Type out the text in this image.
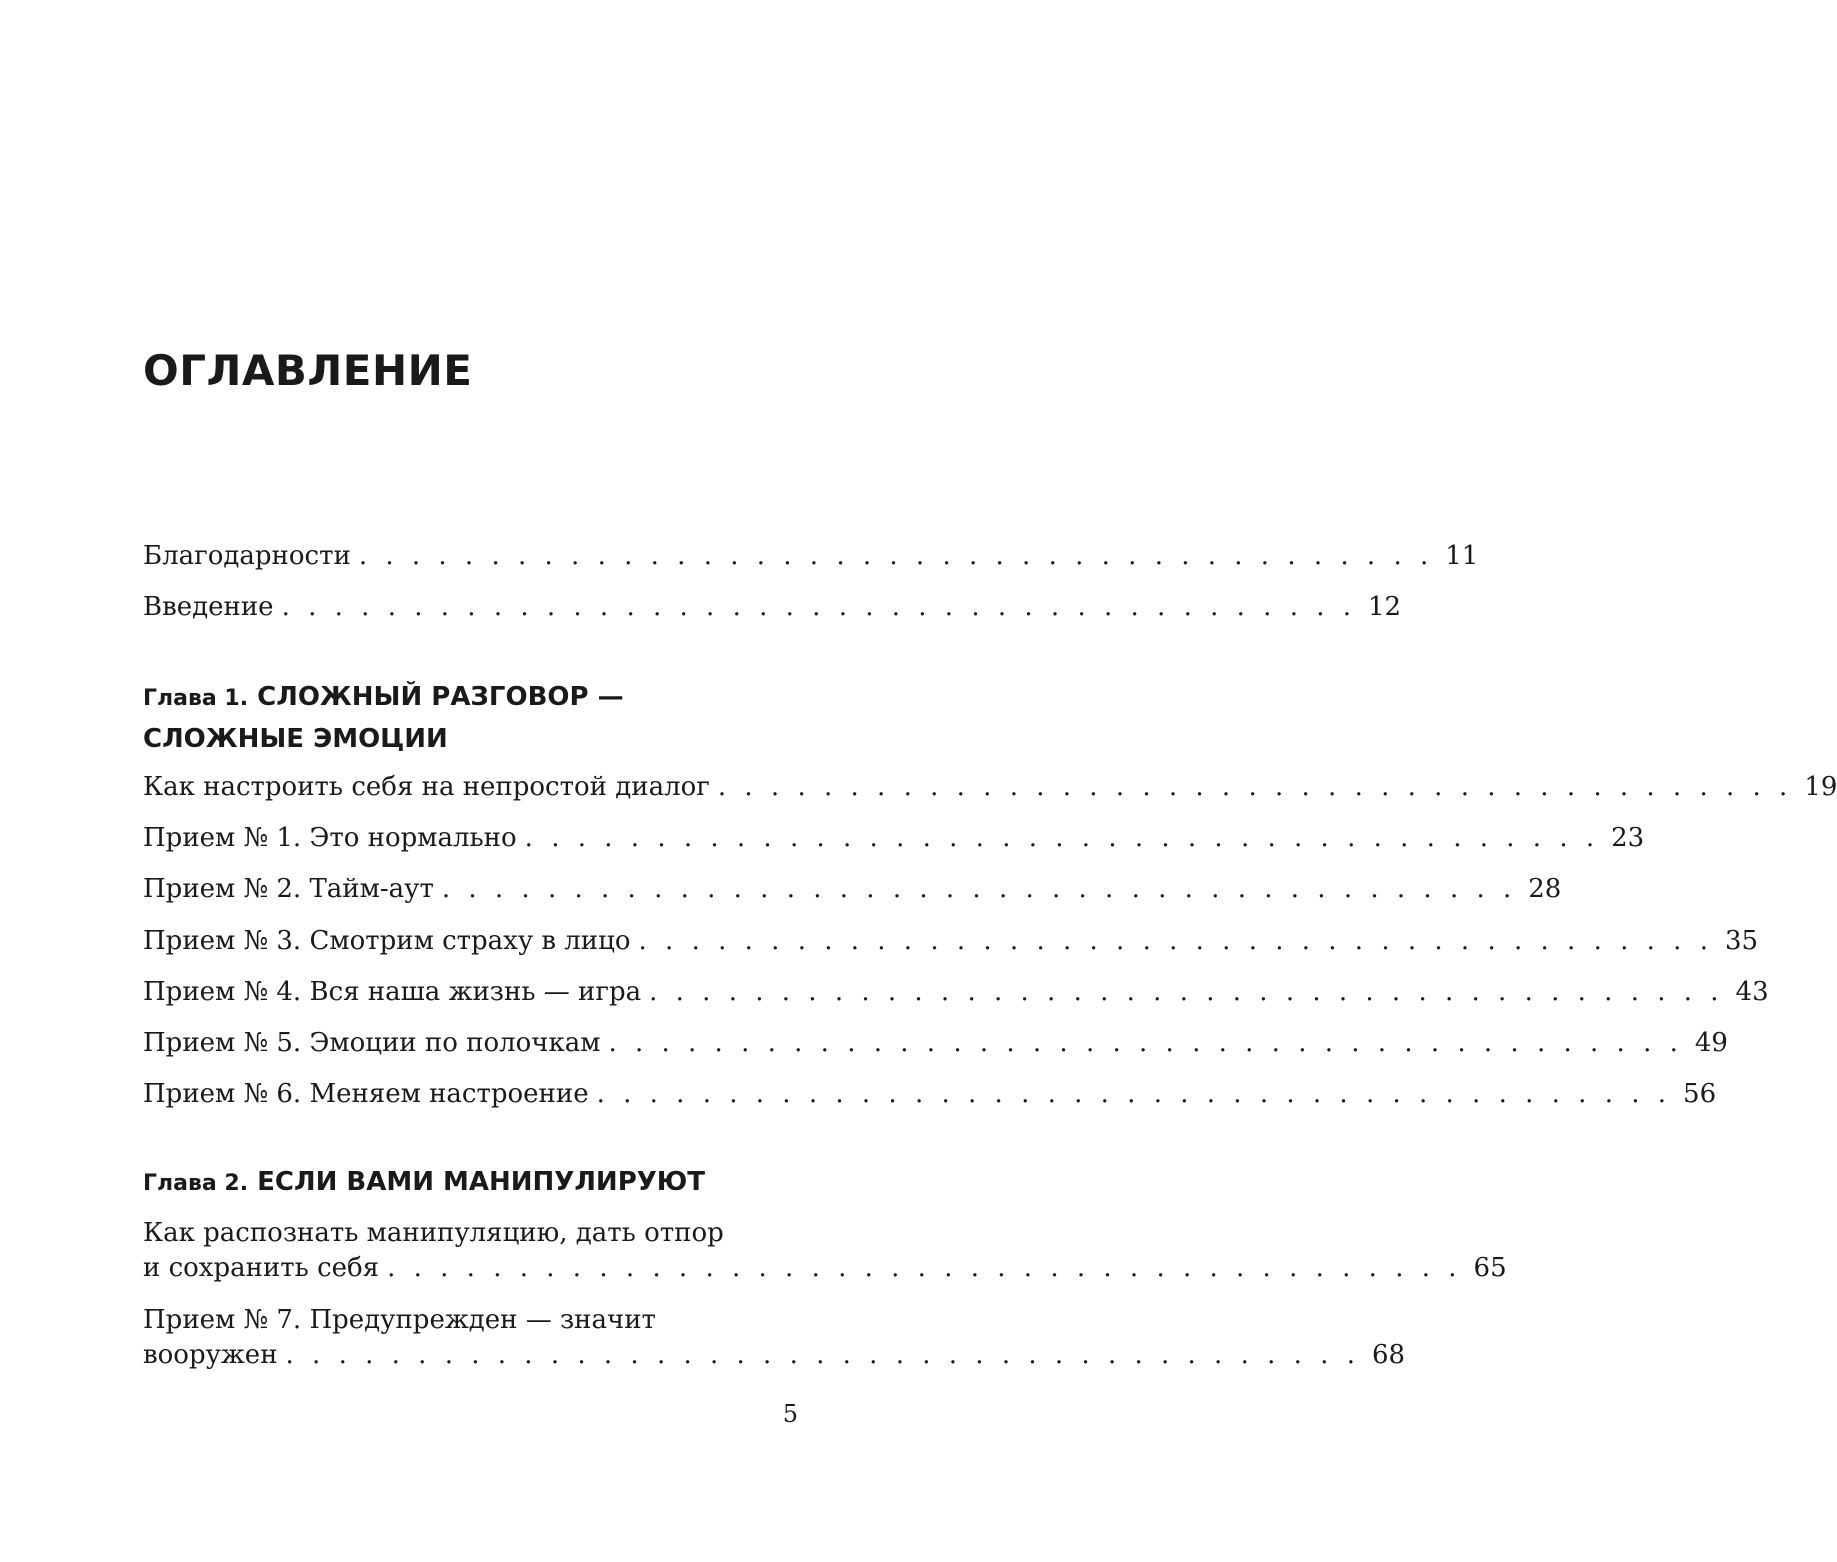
ОГЛАВЛЕНИЕ
Благодарности . . . . . . . . . . . . . . . . . . . . . . . . . . . . . . . . . . . . . . . . . 11
Введение . . . . . . . . . . . . . . . . . . . . . . . . . . . . . . . . . . . . . . . . . 12
Глава 1. СЛОЖНЫЙ РАЗГОВОР —
СЛОЖНЫЕ ЭМОЦИИ
Как настроить себя на непростой диалог . . . . . . . . . . . . . . . . . . . . . . . . . . . . . . . . . . . . . . . . . 19
Прием № 1. Это нормально . . . . . . . . . . . . . . . . . . . . . . . . . . . . . . . . . . . . . . . . . 23
Прием № 2. Тайм-аут . . . . . . . . . . . . . . . . . . . . . . . . . . . . . . . . . . . . . . . . . 28
Прием № 3. Смотрим страху в лицо . . . . . . . . . . . . . . . . . . . . . . . . . . . . . . . . . . . . . . . . . 35
Прием № 4. Вся наша жизнь — игра . . . . . . . . . . . . . . . . . . . . . . . . . . . . . . . . . . . . . . . . . 43
Прием № 5. Эмоции по полочкам . . . . . . . . . . . . . . . . . . . . . . . . . . . . . . . . . . . . . . . . . 49
Прием № 6. Меняем настроение . . . . . . . . . . . . . . . . . . . . . . . . . . . . . . . . . . . . . . . . . 56
Глава 2. ЕСЛИ ВАМИ МАНИПУЛИРУЮТ
Как распознать манипуляцию, дать отпор
и сохранить себя . . . . . . . . . . . . . . . . . . . . . . . . . . . . . . . . . . . . . . . . . 65
Прием № 7. Предупрежден — значит
вооружен . . . . . . . . . . . . . . . . . . . . . . . . . . . . . . . . . . . . . . . . . 68
5
